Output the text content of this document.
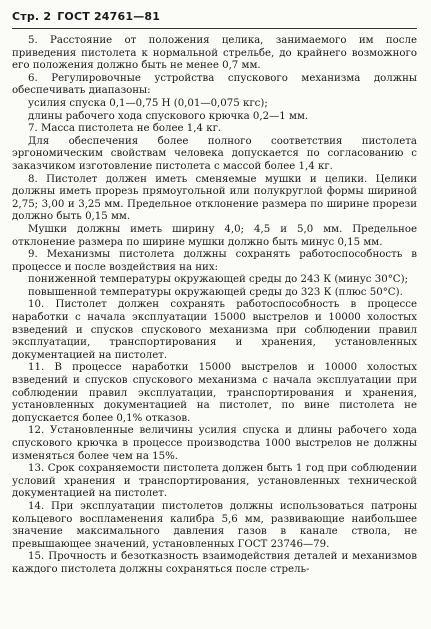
Стр. 2 ГОСТ 24761—81

5. Расстояние от положения целика, занимаемого им после приведения пистолета к нормальной стрельбе, до крайнего возможного его положения должно быть не менее 0,7 мм.

6. Регулировочные устройства спускового механизма должны обеспечивать диапазоны:

усилия спуска 0,1—0,75 Н (0,01—0,075 кгс);

длины рабочего хода спускового крючка 0,2—1 мм.

7. Масса пистолета не более 1,4 кг.

Для обеспечения более полного соответствия пистолета эргономическим свойствам человека допускается по согласованию с заказчиком изготовление пистолета с массой более 1,4 кг.

8. Пистолет должен иметь сменяемые мушки и целики. Целики должны иметь прорезь прямоугольной или полукруглой формы шириной 2,75; 3,00 и 3,25 мм. Предельное отклонение размера по ширине прорези должно быть 0,15 мм.

Мушки должны иметь ширину 4,0; 4,5 и 5,0 мм. Предельное отклонение размера по ширине мушки должно быть минус 0,15 мм.

9. Механизмы пистолета должны сохранять работоспособность в процессе и после воздействия на них:

пониженной температуры окружающей среды до 243 К (минус 30°С);

повышенной температуры окружающей среды до 323 К (плюс 50°С).

10. Пистолет должен сохранять работоспособность в процессе наработки с начала эксплуатации 15000 выстрелов и 10000 холостых взведений и спусков спускового механизма при соблюдении правил эксплуатации, транспортирования и хранения, установленных документацией на пистолет.

11. В процессе наработки 15000 выстрелов и 10000 холостых взведений и спусков спускового механизма с начала эксплуатации при соблюдении правил эксплуатации, транспортирования и хранения, установленных документацией на пистолет, по вине пистолета не допускается более 0,1% отказов.

12. Установленные величины усилия спуска и длины рабочего хода спускового крючка в процессе производства 1000 выстрелов не должны изменяться более чем на 15%.

13. Срок сохраняемости пистолета должен быть 1 год при соблюдении условий хранения и транспортирования, установленных технической документацией на пистолет.

14. При эксплуатации пистолетов должны использоваться патроны кольцевого воспламенения калибра 5,6 мм, развивающие наибольшее значение максимального давления газов в канале ствола, не превышающее значений, установленных ГОСТ 23746—79.

15. Прочность и безотказность взаимодействия деталей и механизмов каждого пистолета должны сохраняться после стрель-
